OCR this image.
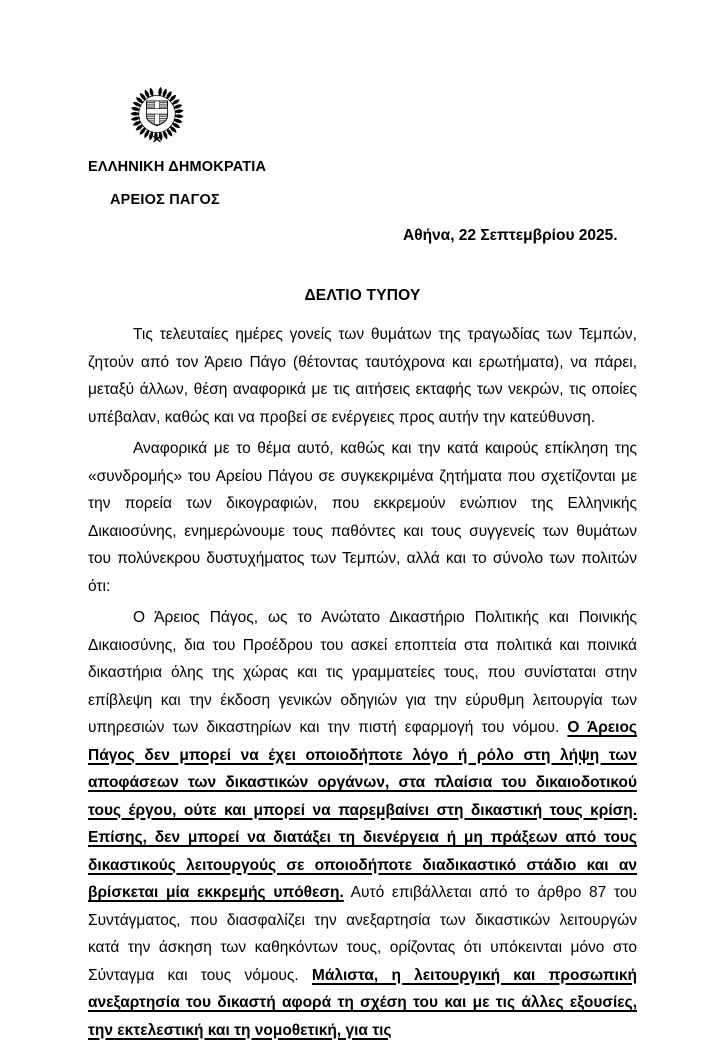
ΕΛΛΗΝΙΚΗ ΔΗΜΟΚΡΑΤΙΑ
ΑΡΕΙΟΣ ΠΑΓΟΣ
Αθήνα, 22 Σεπτεμβρίου 2025.
ΔΕΛΤΙΟ ΤΥΠΟΥ

Τις τελευταίες ημέρες γονείς των θυμάτων της τραγωδίας των Τεμπών, ζητούν από τον Άρειο Πάγο (θέτοντας ταυτόχρονα και ερωτήματα), να πάρει, μεταξύ άλλων, θέση αναφορικά με τις αιτήσεις εκταφής των νεκρών, τις οποίες υπέβαλαν, καθώς και να προβεί σε ενέργειες προς αυτήν την κατεύθυνση.

Αναφορικά με το θέμα αυτό, καθώς και την κατά καιρούς επίκληση της «συνδρομής» του Αρείου Πάγου σε συγκεκριμένα ζητήματα που σχετίζονται με την πορεία των δικογραφιών, που εκκρεμούν ενώπιον της Ελληνικής Δικαιοσύνης, ενημερώνουμε τους παθόντες και τους συγγενείς των θυμάτων του πολύνεκρου δυστυχήματος των Τεμπών, αλλά και το σύνολο των πολιτών ότι:

Ο Άρειος Πάγος, ως το Ανώτατο Δικαστήριο Πολιτικής και Ποινικής Δικαιοσύνης, δια του Προέδρου του ασκεί εποπτεία στα πολιτικά και ποινικά δικαστήρια όλης της χώρας και τις γραμματείες τους, που συνίσταται στην επίβλεψη και την έκδοση γενικών οδηγιών για την εύρυθμη λειτουργία των υπηρεσιών των δικαστηρίων και την πιστή εφαρμογή του νόμου. Ο Άρειος Πάγος δεν μπορεί να έχει οποιοδήποτε λόγο ή ρόλο στη λήψη των αποφάσεων των δικαστικών οργάνων, στα πλαίσια του δικαιοδοτικού τους έργου, ούτε και μπορεί να παρεμβαίνει στη δικαστική τους κρίση. Επίσης, δεν μπορεί να διατάξει τη διενέργεια ή μη πράξεων από τους δικαστικούς λειτουργούς σε οποιοδήποτε διαδικαστικό στάδιο και αν βρίσκεται μία εκκρεμής υπόθεση. Αυτό επιβάλλεται από το άρθρο 87 του Συντάγματος, που διασφαλίζει την ανεξαρτησία των δικαστικών λειτουργών κατά την άσκηση των καθηκόντων τους, ορίζοντας ότι υπόκεινται μόνο στο Σύνταγμα και τους νόμους. Μάλιστα, η λειτουργική και προσωπική ανεξαρτησία του δικαστή αφορά τη σχέση του και με τις άλλες εξουσίες, την εκτελεστική και τη νομοθετική, για τις
